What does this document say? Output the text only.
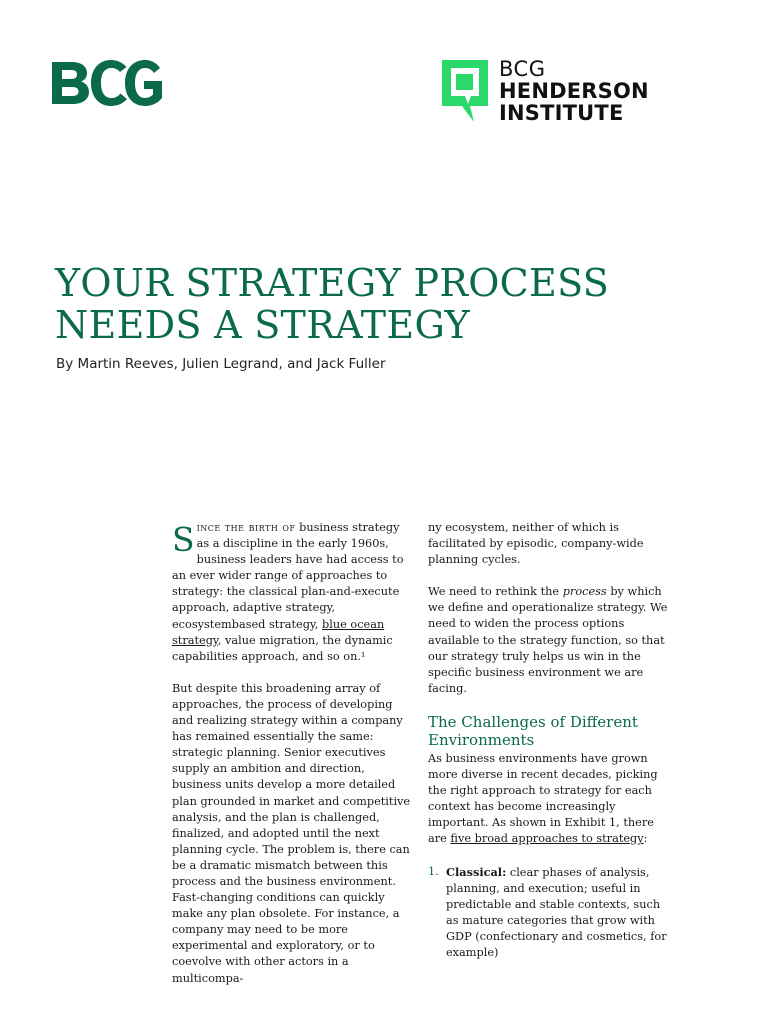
BCG
HENDERSON
INSTITUTE
YOUR STRATEGY PROCESS
NEEDS A STRATEGY
By Martin Reeves, Julien Legrand, and Jack Fuller

Since the birth of business strategy as a discipline in the early 1960s, business leaders have had access to an ever wider range of approaches to strategy: the classical plan-and-execute approach, adaptive strategy, ecosystembased strategy, blue ocean strategy, value migration, the dynamic capabilities approach, and so on.¹

But despite this broadening array of approaches, the process of developing and realizing strategy within a company has remained essentially the same: strategic planning. Senior executives supply an ambition and direction, business units develop a more detailed plan grounded in market and competitive analysis, and the plan is challenged, finalized, and adopted until the next planning cycle. The problem is, there can be a dramatic mismatch between this process and the business environment. Fast-changing conditions can quickly make any plan obsolete. For instance, a company may need to be more experimental and exploratory, or to coevolve with other actors in a multicompa-

ny ecosystem, neither of which is facilitated by episodic, company-wide planning cycles.

We need to rethink the process by which we define and operationalize strategy. We need to widen the process options available to the strategy function, so that our strategy truly helps us win in the specific business environment we are facing.

The Challenges of Different Environments

As business environments have grown more diverse in recent decades, picking the right approach to strategy for each context has become increasingly important. As shown in Exhibit 1, there are five broad approaches to strategy:

1. Classical: clear phases of analysis, planning, and execution; useful in predictable and stable contexts, such as mature categories that grow with GDP (confectionary and cosmetics, for example)
